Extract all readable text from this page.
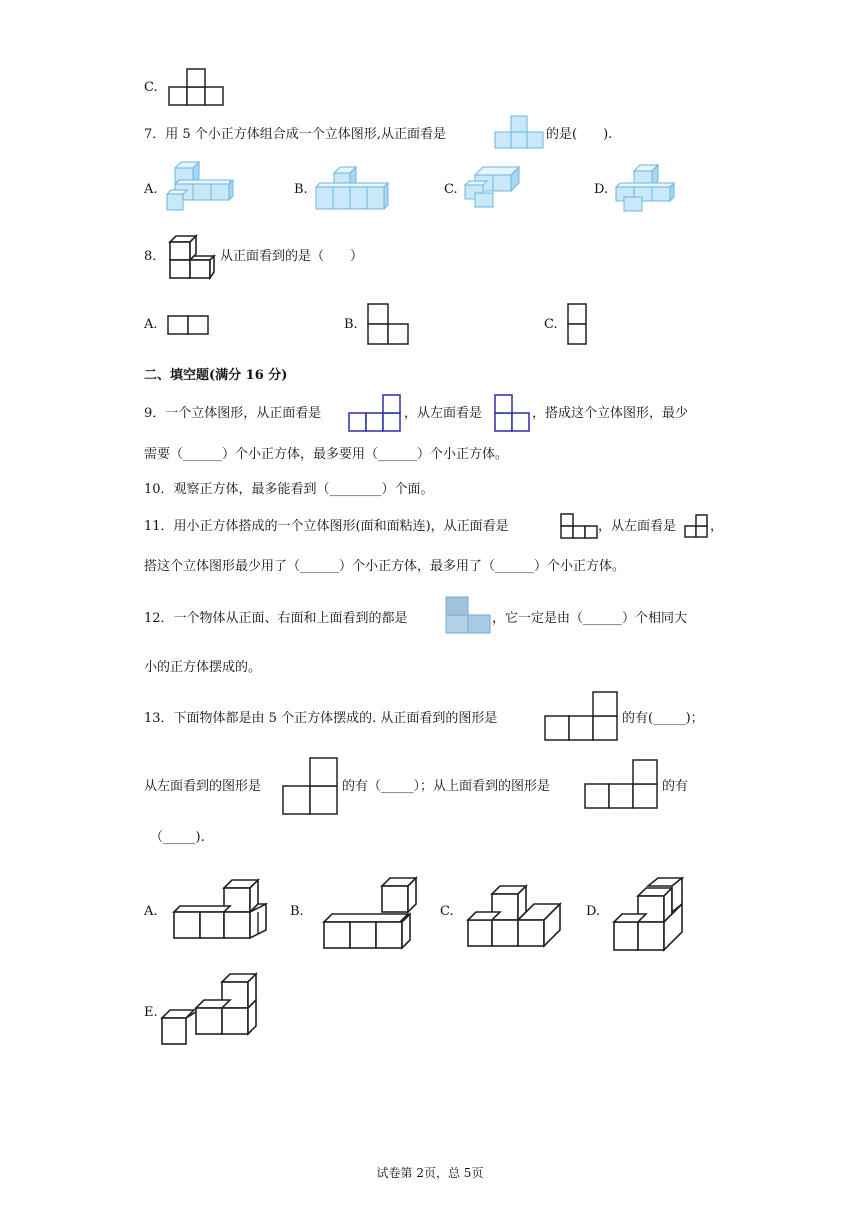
C.
7．用 5 个小正方体组合成一个立体图形,从正面看是	的是(　　).
A.	B.	C.	D.
8．	从正面看到的是（　　）
A.	B.	C.
二、填空题(满分 16 分)
9．一个立体图形，从正面看是	，从左面看是	，搭成这个立体图形，最少
需要（______）个小正方体，最多要用（______）个小正方体。
10．观察正方体，最多能看到（________）个面。
11．用小正方体搭成的一个立体图形(面和面粘连)，从正面看是	，从左面看是	，
搭这个立体图形最少用了（______）个小正方体，最多用了（______）个小正方体。
12．一个物体从正面、右面和上面看到的都是	，它一定是由（______）个相同大
小的正方体摆成的。
13．下面物体都是由 5 个正方体摆成的. 从正面看到的图形是	的有(_____)；
从左面看到的图形是	的有（_____）；从上面看到的图形是	的有
（_____).
A.	B.	C.	D.
E.
试卷第 2页，总 5页
